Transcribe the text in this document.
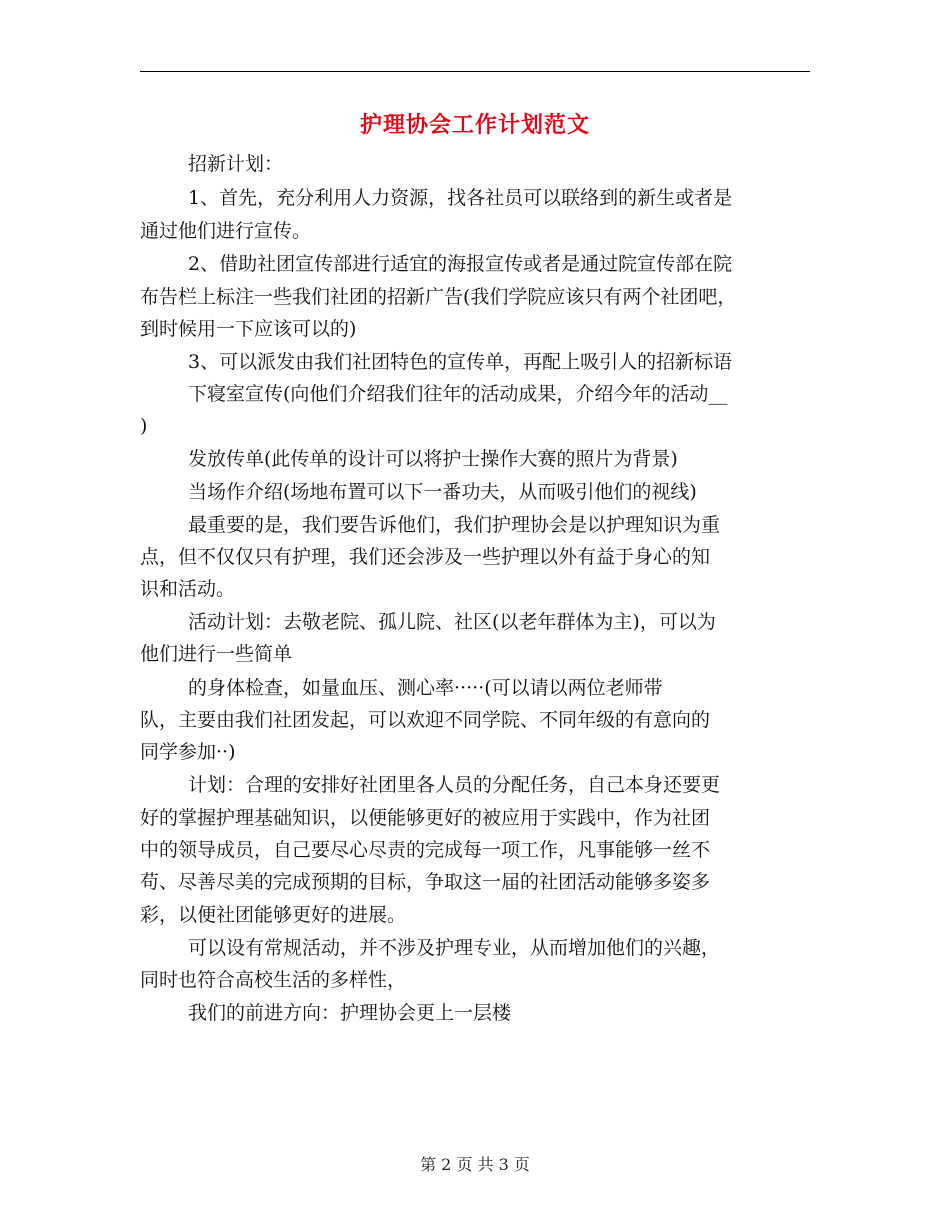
护理协会工作计划范文
招新计划：
1、首先，充分利用人力资源，找各社员可以联络到的新生或者是
通过他们进行宣传。
2、借助社团宣传部进行适宜的海报宣传或者是通过院宣传部在院
布告栏上标注一些我们社团的招新广告(我们学院应该只有两个社团吧，
到时候用一下应该可以的)
3、可以派发由我们社团特色的宣传单，再配上吸引人的招新标语
下寝室宣传(向他们介绍我们往年的活动成果，介绍今年的活动__
)
发放传单(此传单的设计可以将护士操作大赛的照片为背景)
当场作介绍(场地布置可以下一番功夫，从而吸引他们的视线)
最重要的是，我们要告诉他们，我们护理协会是以护理知识为重
点，但不仅仅只有护理，我们还会涉及一些护理以外有益于身心的知
识和活动。
活动计划：去敬老院、孤儿院、社区(以老年群体为主)，可以为
他们进行一些简单
的身体检查，如量血压、测心率·····(可以请以两位老师带
队，主要由我们社团发起，可以欢迎不同学院、不同年级的有意向的
同学参加··)
计划：合理的安排好社团里各人员的分配任务，自己本身还要更
好的掌握护理基础知识，以便能够更好的被应用于实践中，作为社团
中的领导成员，自己要尽心尽责的完成每一项工作，凡事能够一丝不
苟、尽善尽美的完成预期的目标，争取这一届的社团活动能够多姿多
彩，以便社团能够更好的进展。
可以设有常规活动，并不涉及护理专业，从而增加他们的兴趣，
同时也符合高校生活的多样性，
我们的前进方向：护理协会更上一层楼
第 2 页 共 3 页
